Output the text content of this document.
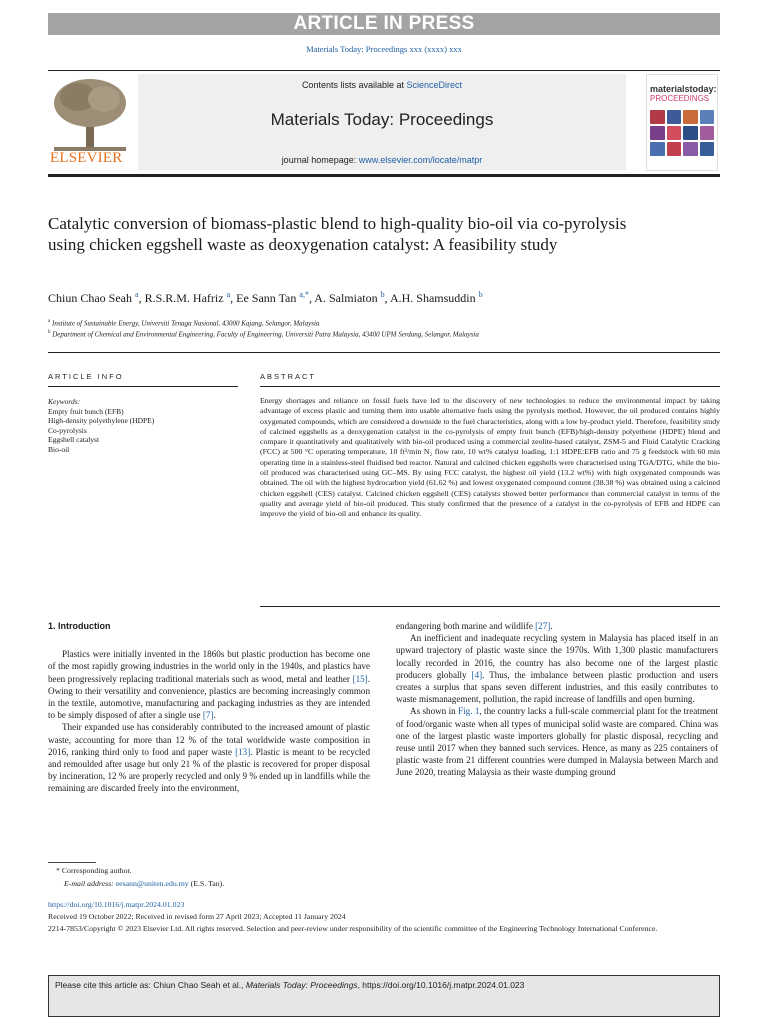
ARTICLE IN PRESS
Materials Today: Proceedings xxx (xxxx) xxx
ELSEVIER
Contents lists available at ScienceDirect
Materials Today: Proceedings
journal homepage: www.elsevier.com/locate/matpr
materialstoday:
PROCEEDINGS
Catalytic conversion of biomass-plastic blend to high-quality bio-oil via co-pyrolysis using chicken eggshell waste as deoxygenation catalyst: A feasibility study
Chiun Chao Seah $^a$, R.S.R.M. Hafriz $^a$, Ee Sann Tan $^{a,*}$, A. Salmiaton $^b$, A.H. Shamsuddin $^b$
$^a$ Institute of Sustainable Energy, Universiti Tenaga Nasional, 43000 Kajang, Selangor, Malaysia
$^b$ Department of Chemical and Environmental Engineering, Faculty of Engineering, Universiti Putra Malaysia, 43400 UPM Serdang, Selangor, Malaysia
ARTICLE INFO	ABSTRACT
Keywords:
Empty fruit bunch (EFB)
High-density polyethylene (HDPE)
Co-pyrolysis
Eggshell catalyst
Bio-oil
Energy shortages and reliance on fossil fuels have led to the discovery of new technologies to reduce the environmental impact by taking advantage of excess plastic and turning them into usable alternative fuels using the pyrolysis method. However, the oil produced contains highly oxygenated compounds, which are considered a downside to the fuel characteristics, along with a low by-product yield. Therefore, feasibility study of calcined eggshells as a deoxygenation catalyst in the co-pyrolysis of empty fruit bunch (EFB)/high-density polyethene (HDPE) blend and compare it quantitatively and qualitatively with bio-oil produced using a commercial zeolite-based catalyst, ZSM-5 and Fluid Catalytic Cracking (FCC) at 500 °C operating temperature, 10 ft³/min N₂ flow rate, 10 wt% catalyst loading, 1:1 HDPE:EFB ratio and 75 g feedstock with 60 min operating time in a stainless-steel fluidised bed reactor. Natural and calcined chicken eggshells were characterised using TGA/DTG, while the bio-oil produced was characterised using GC–MS. By using FCC catalyst, the highest oil yield (13.2 wt%) with high oxygenated compounds was obtained. The oil with the highest hydrocarbon yield (61.62 %) and lowest oxygenated compound content (38.38 %) was obtained using a calcined chicken eggshell (CES) catalyst. Calcined chicken eggshell (CES) catalysts showed better performance than commercial catalyst in terms of the quality and average yield of bio-oil produced. This study confirmed that the presence of a catalyst in the co-pyrolysis of EFB and HDPE can improve the yield of bio-oil and enhance its quality.

1. Introduction

Plastics were initially invented in the 1860s but plastic production has become one of the most rapidly growing industries in the world only in the 1940s, and plastics have been progressively replacing traditional materials such as wood, metal and leather [15]. Owing to their versatility and convenience, plastics are becoming increasingly common in the textile, automotive, manufacturing and packaging industries as they are intended to be simply disposed of after a single use [7].

Their expanded use has considerably contributed to the increased amount of plastic waste, accounting for more than 12 % of the total worldwide waste composition in 2016, ranking third only to food and paper waste [13]. Plastic is meant to be recycled and remoulded after usage but only 21 % of the plastic is recovered for proper disposal by incineration, 12 % are properly recycled and only 9 % ended up in landfills while the remaining are discarded freely into the environment,

endangering both marine and wildlife [27].

An inefficient and inadequate recycling system in Malaysia has placed itself in an upward trajectory of plastic waste since the 1970s. With 1,300 plastic manufacturers locally recorded in 2016, the country has also become one of the largest plastic producers globally [4]. Thus, the imbalance between plastic production and users creates a surplus that spans seven different industries, and this easily contributes to waste mismanagement, pollution, the rapid increase of landfills and open burning.

As shown in Fig. 1, the country lacks a full-scale commercial plant for the treatment of food/organic waste when all types of municipal solid waste are compared. China was one of the largest plastic waste importers globally for plastic disposal, recycling and reuse until 2017 when they banned such services. Hence, as many as 225 containers of plastic waste from 21 different countries were dumped in Malaysia between March and June 2020, treating Malaysia as their waste dumping ground

* Corresponding author.
E-mail address: eesann@uniten.edu.my (E.S. Tan).
https://doi.org/10.1016/j.matpr.2024.01.023
Received 19 October 2022; Received in revised form 27 April 2023; Accepted 11 January 2024
2214-7853/Copyright © 2023 Elsevier Ltd. All rights reserved. Selection and peer-review under responsibility of the scientific committee of the Engineering Technology International Conference.
Please cite this article as: Chiun Chao Seah et al., Materials Today: Proceedings, https://doi.org/10.1016/j.matpr.2024.01.023
